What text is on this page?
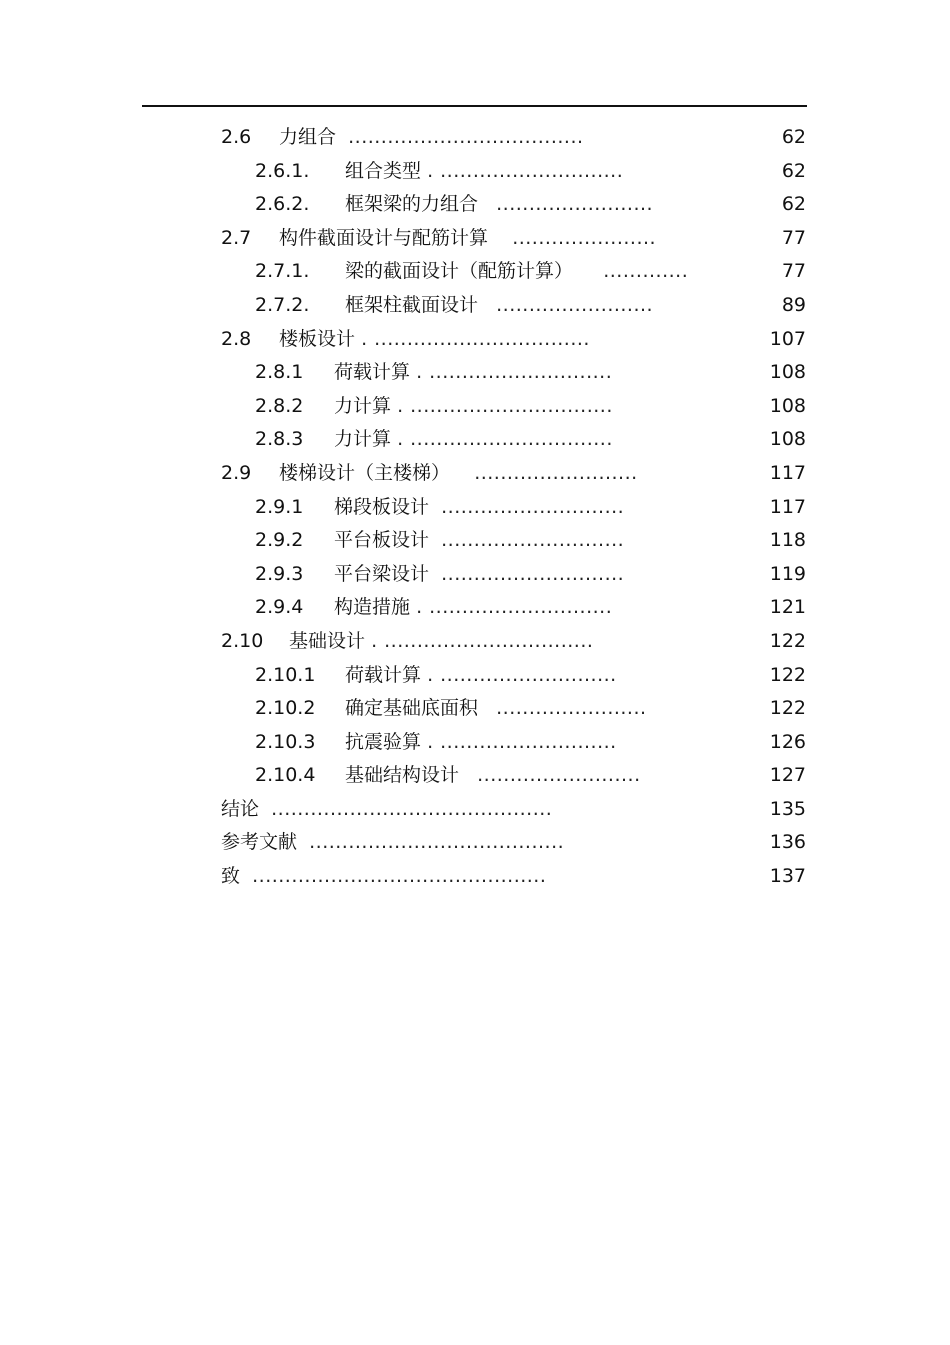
2.6 力组合 ....................................	62
2.6.1. 组合类型 . ............................	62
2.6.2. 框架梁的力组合 ........................	62
2.7 构件截面设计与配筋计算 ......................	77
2.7.1. 梁的截面设计（配筋计算） .............	77
2.7.2. 框架柱截面设计 ........................	89
2.8 楼板设计 . .................................	107
2.8.1 荷载计算 . ............................	108
2.8.2 力计算 . ...............................	108
2.8.3 力计算 . ...............................	108
2.9 楼梯设计（主楼梯） .........................	117
2.9.1 梯段板设计 ............................	117
2.9.2 平台板设计 ............................	118
2.9.3 平台梁设计 ............................	119
2.9.4 构造措施 . ............................	121
2.10 基础设计 . ................................	122
2.10.1 荷载计算 . ...........................	122
2.10.2 确定基础底面积 .......................	122
2.10.3 抗震验算 . ...........................	126
2.10.4 基础结构设计 .........................	127
结论 ...........................................	135
参考文献 .......................................	136
致 .............................................	137
